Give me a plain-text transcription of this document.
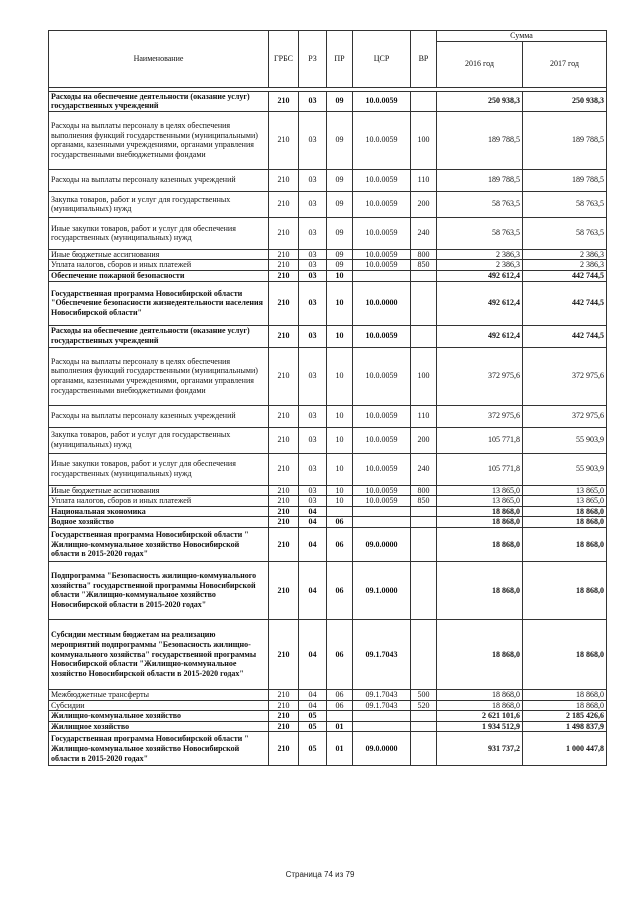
Наименование	ГРБС	РЗ	ПР	ЦСР	ВР	Сумма	
						2016 год	2017 год

Расходы на обеспечение деятельности (оказание услуг) государственных учреждений	210	03	09	10.0.0059		250 938,3	250 938,3
Расходы на выплаты персоналу в целях обеспечения выполнения функций государственными (муниципальными) органами, казенными учреждениями, органами управления государственными внебюджетными фондами	210	03	09	10.0.0059	100	189 788,5	189 788,5
Расходы на выплаты персоналу казенных учреждений	210	03	09	10.0.0059	110	189 788,5	189 788,5
Закупка товаров, работ и услуг для государственных (муниципальных) нужд	210	03	09	10.0.0059	200	58 763,5	58 763,5
Иные закупки товаров, работ и услуг для обеспечения государственных (муниципальных) нужд	210	03	09	10.0.0059	240	58 763,5	58 763,5
Иные бюджетные ассигнования	210	03	09	10.0.0059	800	2 386,3	2 386,3
Уплата налогов, сборов и иных платежей	210	03	09	10.0.0059	850	2 386,3	2 386,3
Обеспечение пожарной безопасности	210	03	10			492 612,4	442 744,5
Государственная программа Новосибирской области "Обеспечение безопасности жизнедеятельности населения Новосибирской области"	210	03	10	10.0.0000		492 612,4	442 744,5
Расходы на обеспечение деятельности (оказание услуг) государственных учреждений	210	03	10	10.0.0059		492 612,4	442 744,5
Расходы на выплаты персоналу в целях обеспечения выполнения функций государственными (муниципальными) органами, казенными учреждениями, органами управления государственными внебюджетными фондами	210	03	10	10.0.0059	100	372 975,6	372 975,6
Расходы на выплаты персоналу казенных учреждений	210	03	10	10.0.0059	110	372 975,6	372 975,6
Закупка товаров, работ и услуг для государственных (муниципальных) нужд	210	03	10	10.0.0059	200	105 771,8	55 903,9
Иные закупки товаров, работ и услуг для обеспечения государственных (муниципальных) нужд	210	03	10	10.0.0059	240	105 771,8	55 903,9
Иные бюджетные ассигнования	210	03	10	10.0.0059	800	13 865,0	13 865,0
Уплата налогов, сборов и иных платежей	210	03	10	10.0.0059	850	13 865,0	13 865,0
Национальная экономика	210	04				18 868,0	18 868,0
Водное хозяйство	210	04	06			18 868,0	18 868,0
Государственная программа Новосибирской области " Жилищно-коммунальное хозяйство Новосибирской области в 2015-2020 годах"	210	04	06	09.0.0000		18 868,0	18 868,0
Подпрограмма "Безопасность жилищно-коммунального хозяйства" государственной программы Новосибирской области "Жилищно-коммунальное хозяйство Новосибирской области в 2015-2020 годах"	210	04	06	09.1.0000		18 868,0	18 868,0
Субсидии местным бюджетам на реализацию мероприятий подпрограммы "Безопасность жилищно-коммунального хозяйства" государственной программы Новосибирской области "Жилищно-коммунальное хозяйство Новосибирской области в 2015-2020 годах"	210	04	06	09.1.7043		18 868,0	18 868,0
Межбюджетные трансферты	210	04	06	09.1.7043	500	18 868,0	18 868,0
Субсидии	210	04	06	09.1.7043	520	18 868,0	18 868,0
Жилищно-коммунальное хозяйство	210	05				2 621 101,6	2 185 426,6
Жилищное хозяйство	210	05	01			1 934 512,9	1 498 837,9
Государственная программа Новосибирской области " Жилищно-коммунальное хозяйство Новосибирской области в 2015-2020 годах"	210	05	01	09.0.0000		931 737,2	1 000 447,8
Страница 74 из 79
